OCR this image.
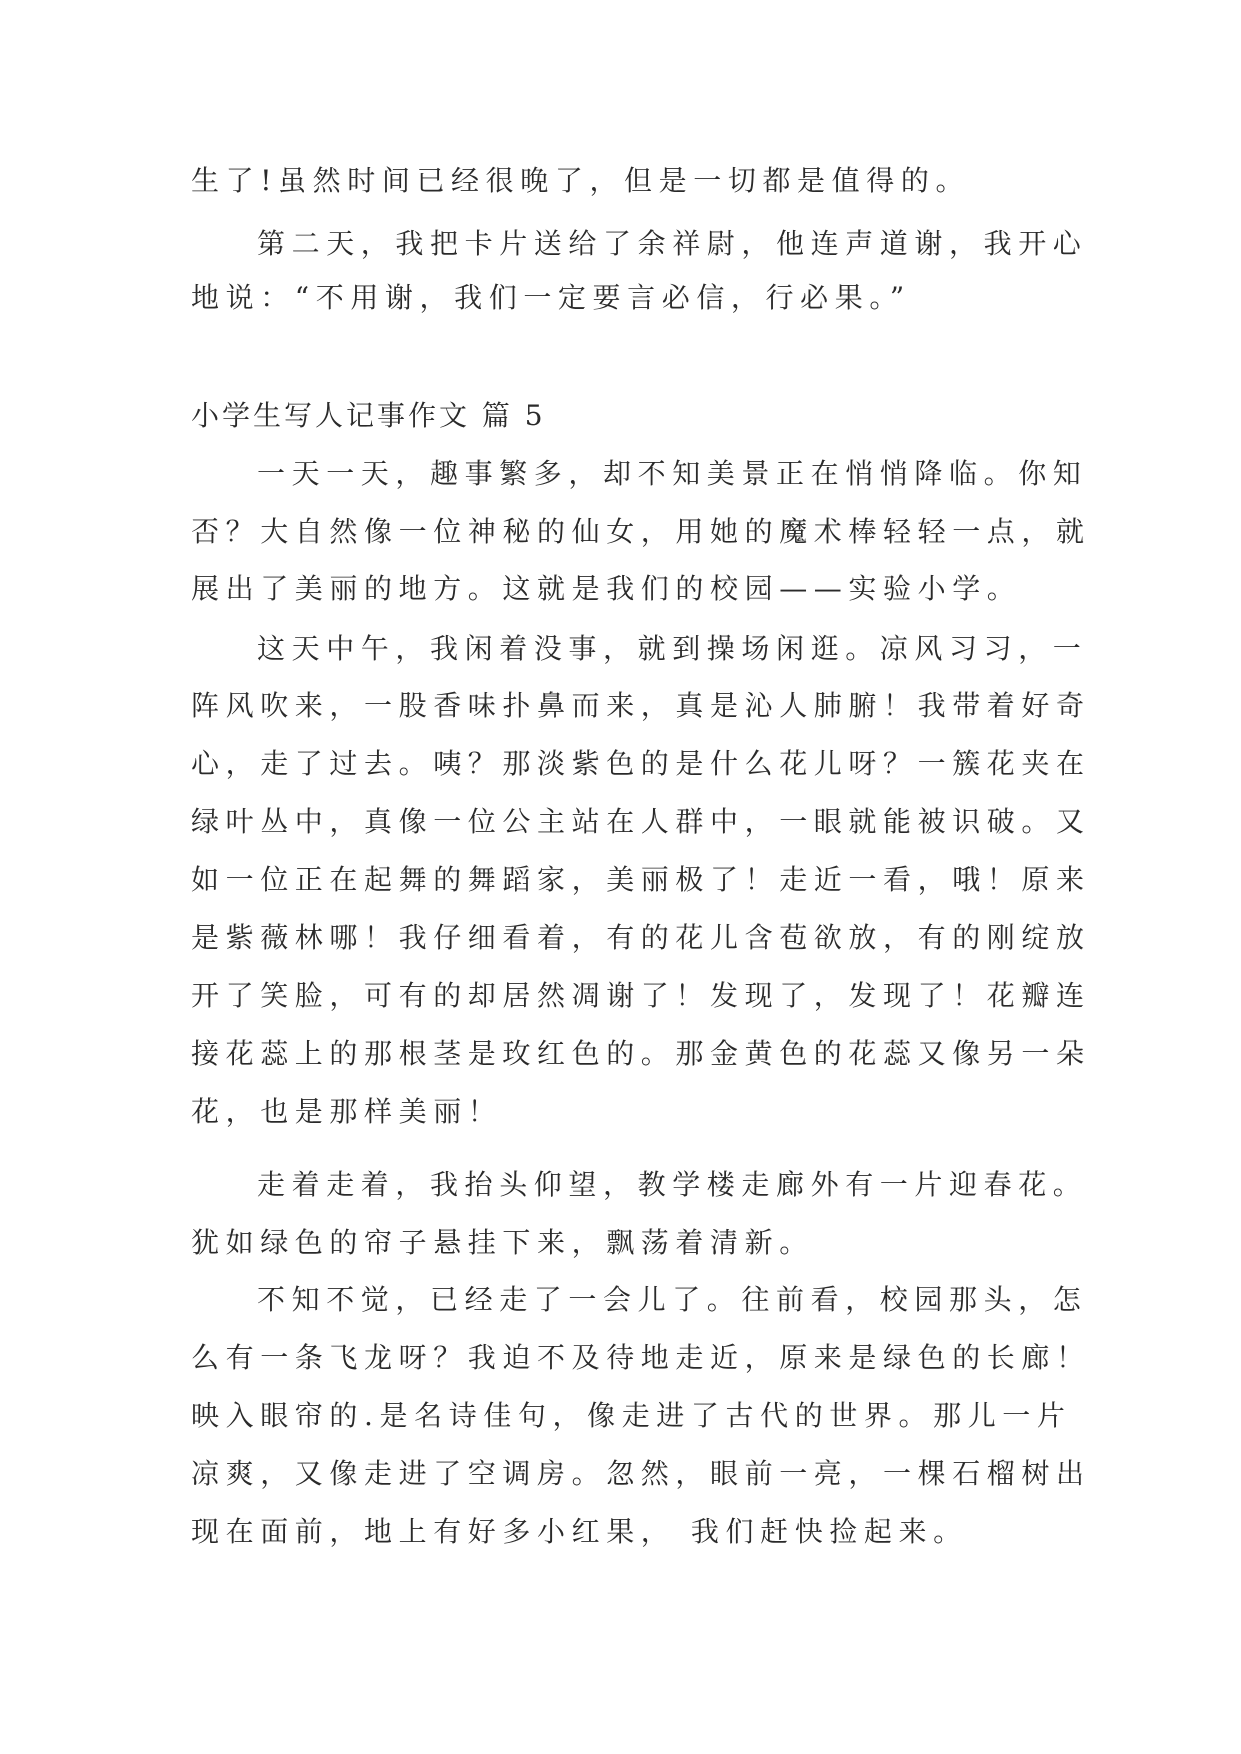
生了!虽然时间已经很晚了，但是一切都是值得的。
第二天，我把卡片送给了余祥尉，他连声道谢，我开心
地说：“不用谢，我们一定要言必信，行必果。”
小学生写人记事作文 篇 5
一天一天，趣事繁多，却不知美景正在悄悄降临。你知
否？大自然像一位神秘的仙女，用她的魔术棒轻轻一点，就
展出了美丽的地方。这就是我们的校园——实验小学。
这天中午，我闲着没事，就到操场闲逛。凉风习习，一
阵风吹来，一股香味扑鼻而来，真是沁人肺腑！我带着好奇
心，走了过去。咦？那淡紫色的是什么花儿呀？一簇花夹在
绿叶丛中，真像一位公主站在人群中，一眼就能被识破。又
如一位正在起舞的舞蹈家，美丽极了！走近一看，哦！原来
是紫薇林哪！我仔细看着，有的花儿含苞欲放，有的刚绽放
开了笑脸，可有的却居然凋谢了！发现了，发现了！花瓣连
接花蕊上的那根茎是玫红色的。那金黄色的花蕊又像另一朵
花，也是那样美丽！
走着走着，我抬头仰望，教学楼走廊外有一片迎春花。
犹如绿色的帘子悬挂下来，飘荡着清新。
不知不觉，已经走了一会儿了。往前看，校园那头，怎
么有一条飞龙呀？我迫不及待地走近，原来是绿色的长廊！
映入眼帘的.是名诗佳句，像走进了古代的世界。那儿一片
凉爽，又像走进了空调房。忽然，眼前一亮，一棵石榴树出
现在面前，地上有好多小红果， 我们赶快捡起来。
